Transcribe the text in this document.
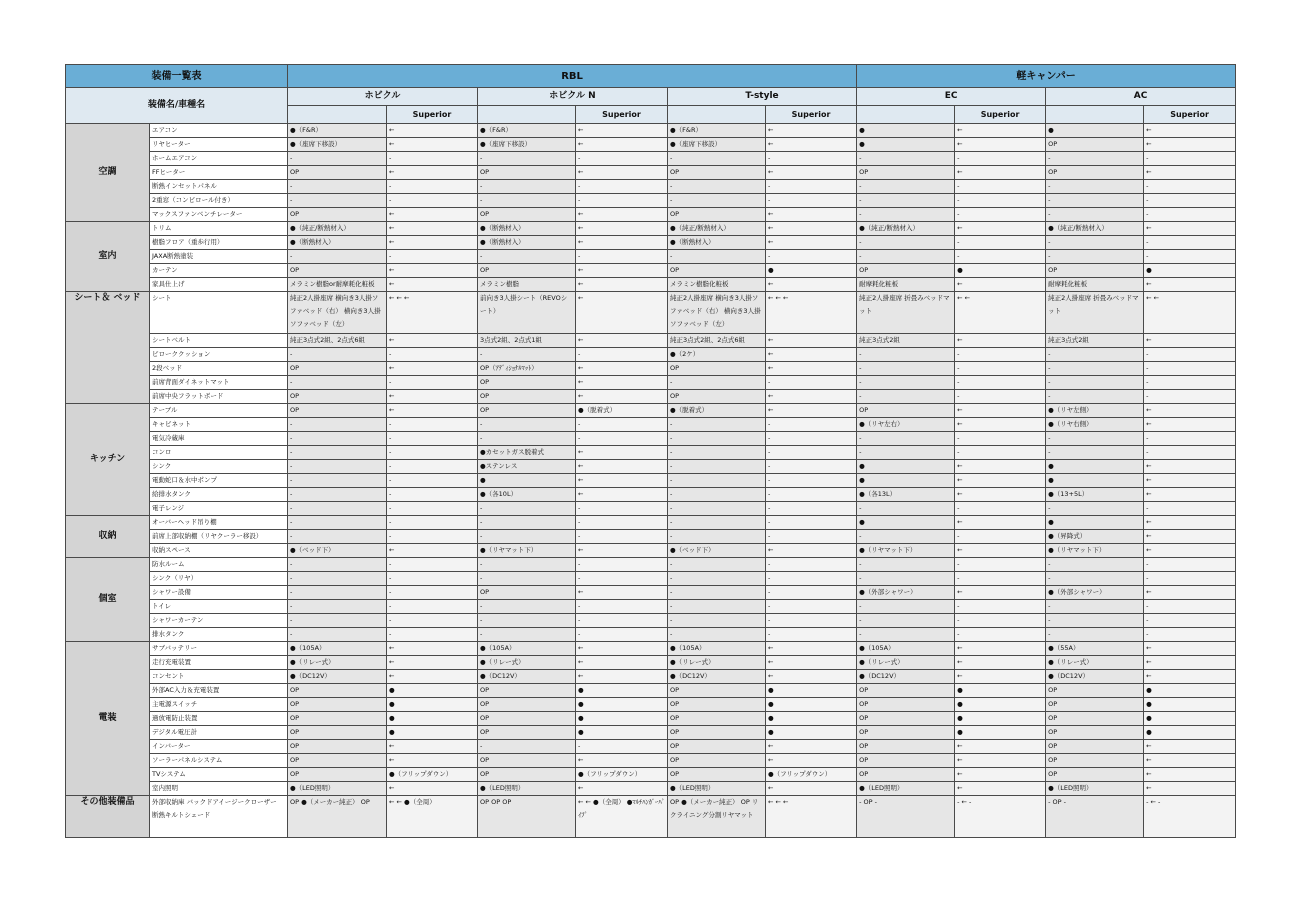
装備一覧表		RBL						軽キャンパー			
装備名/車種名		ホビクル		ホビクル N		T-style		EC		AC	
			Superior		Superior		Superior		Superior		Superior
空調	エアコン	●（F&R）	←	●（F&R）	←	●（F&R）	←	●	←	●	←
	リヤヒーター	●（座席下移設）	←	●（座席下移設）	←	●（座席下移設）	←	●	←	OP	←
	ホームエアコン	-	-	-	-	-	-	-	-	-	-
	FFヒーター	OP	←	OP	←	OP	←	OP	←	OP	←
	断熱インセットパネル	-	-	-	-	-	-	-	-	-	-
	2重窓（コンビロール付き）	-	-	-	-	-	-	-	-	-	-
	マックスファンベンチレーター	OP	←	OP	←	OP	←	-	-	-	-
室内	トリム	●（純正/断熱材入）	←	●（断熱材入）	←	●（純正/断熱材入）	←	●（純正/断熱材入）	←	●（純正/断熱材入）	←
	樹脂フロア（重歩行用）	●（断熱材入）	←	●（断熱材入）	←	●（断熱材入）	←	-	-	-	-
	JAXA断熱塗装	-	-	-	-	-	-	-	-	-	-
	カーテン	OP	←	OP	←	OP	●	OP	●	OP	●
	家具仕上げ	メラミン樹脂or耐摩耗化粧板	←	メラミン樹脂	←	メラミン樹脂化粧板	←	耐摩耗化粧板	←	耐摩耗化粧板	←
シート＆ ベッド	シート	純正2人掛座席 横向き3人掛ソファベッド（右） 横向き3人掛ソファベッド（左）	← ← ←	前向き3人掛シート（REVOシート）	←	純正2人掛座席 横向き3人掛ソファベッド（右） 横向き3人掛ソファベッド（左）	← ← ←	純正2人掛座席 折畳みベッドマット	← ←	純正2人掛座席 折畳みベッドマット	← ←
	シートベルト	純正3点式2組、2点式6組	←	3点式2組、2点式1組	←	純正3点式2組、2点式6組	←	純正3点式2組	←	純正3点式2組	←
	ピローククッション	-	-	-	-	●（2ケ）	←	-	-	-	-
	2段ベッド	OP	←	OP（ｱﾃﾞｨｼｮﾅﾙﾏｯﾄ）	←	OP	←	-	-	-	-
	前席背面ダイネットマット	-	-	OP	←	-	-	-	-	-	-
	前席中央フラットボード	OP	←	OP	←	OP	←	-	-	-	-
キッチン	テーブル	OP	←	OP	●（脱着式）	●（脱着式）	←	OP	←	●（リヤ左側）	←
	キャビネット	-	-	-	-	-	-	●（リヤ左右）	←	●（リヤ右側）	←
	電気冷蔵庫	-	-	-	-	-	-	-	-	-	-
	コンロ	-	-	●カセットガス脱着式	←	-	-	-	-	-	-
	シンク	-	-	●ステンレス	←	-	-	●	←	●	←
	電動蛇口＆水中ポンプ	-	-	●	←	-	-	●	←	●	←
	給排水タンク	-	-	●（各10L）	←	-	-	●（各13L）	←	●（13+5L）	←
	電子レンジ	-	-	-	-	-	-	-	-	-	-
収納	オーバーヘッド吊り棚	-	-	-	-	-	-	●	←	●	←
	前席上部収納棚（リヤクーラー移設）	-	-	-	-	-	-	-	-	●（昇降式）	←
	収納スペース	●（ベッド下）	←	●（リヤマット下）	←	●（ベッド下）	←	●（リヤマット下）	←	●（リヤマット下）	←
個室	防水ルーム	-	-	-	-	-	-	-	-	-	-
	シンク（リヤ）	-	-	-	-	-	-	-	-	-	-
	シャワー設備	-	-	OP	←	-	-	●（外部シャワー）	←	●（外部シャワー）	←
	トイレ	-	-	-	-	-	-	-	-	-	-
	シャワーカーテン	-	-	-	-	-	-	-	-	-	-
	排水タンク	-	-	-	-	-	-	-	-	-	-
電装	サブバッテリー	●（105A）	←	●（105A）	←	●（105A）	←	●（105A）	←	●（55A）	←
	走行充電装置	●（リレー式）	←	●（リレー式）	←	●（リレー式）	←	●（リレー式）	←	●（リレー式）	←
	コンセント	●（DC12V）	←	●（DC12V）	←	●（DC12V）	←	●（DC12V）	←	●（DC12V）	←
	外部AC入力＆充電装置	OP	●	OP	●	OP	●	OP	●	OP	●
	主電源スイッチ	OP	●	OP	●	OP	●	OP	●	OP	●
	過放電防止装置	OP	●	OP	●	OP	●	OP	●	OP	●
	デジタル電圧計	OP	●	OP	●	OP	●	OP	●	OP	●
	インバーター	OP	←	-	-	OP	←	OP	←	OP	←
	ソーラーパネルシステム	OP	←	OP	←	OP	←	OP	←	OP	←
	TVシステム	OP	●（フリップダウン）	OP	●（フリップダウン）	OP	●（フリップダウン）	OP	←	OP	←
	室内照明	●（LED照明）	←	●（LED照明）	←	●（LED照明）	←	●（LED照明）	←	●（LED照明）	←
その他装備品	外部収納庫 バックドアイージークローザー 断熱キルトシェード	OP ●（メーカー純正） OP	← ← ●（全周）	OP OP OP	← ← ●（全周） ●ﾏﾙﾁﾊﾝｶﾞｰﾊﾟｲﾌﾟ	OP ●（メーカー純正） OP リクライニング分割リヤマット	← ← ←	- OP -	- ← -	- OP -	- ← -
